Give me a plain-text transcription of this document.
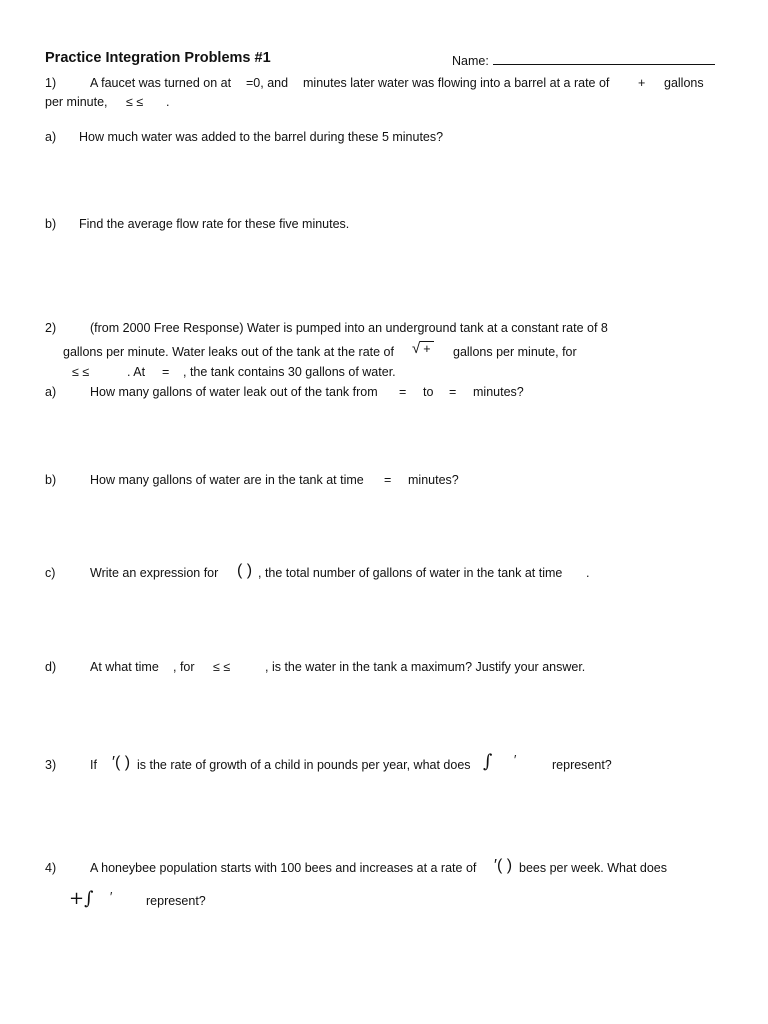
Practice Integration Problems #1	Name:
1)	A faucet was turned on at =0, and minutes later water was flowing into a barrel at a rate of + gallons
per minute, ≤ ≤ .
a) How much water was added to the barrel during these 5 minutes?
b) Find the average flow rate for these five minutes.
2)	(from 2000 Free Response) Water is pumped into an underground tank at a constant rate of 8
gallons per minute. Water leaks out of the tank at the rate of √ + gallons per minute, for
≤ ≤	. At = , the tank contains 30 gallons of water.
a)	How many gallons of water leak out of the tank from = to = minutes?
b)	How many gallons of water are in the tank at time = minutes?
c)	Write an expression for ( ) , the total number of gallons of water in the tank at time .
d)	At what time , for ≤ ≤	, is the water in the tank a maximum? Justify your answer.
3)	If ′( ) is the rate of growth of a child in pounds per year, what does ∫ ′	represent?
4)	A honeybee population starts with 100 bees and increases at a rate of ′( ) bees per week. What does
+∫ ′	represent?
